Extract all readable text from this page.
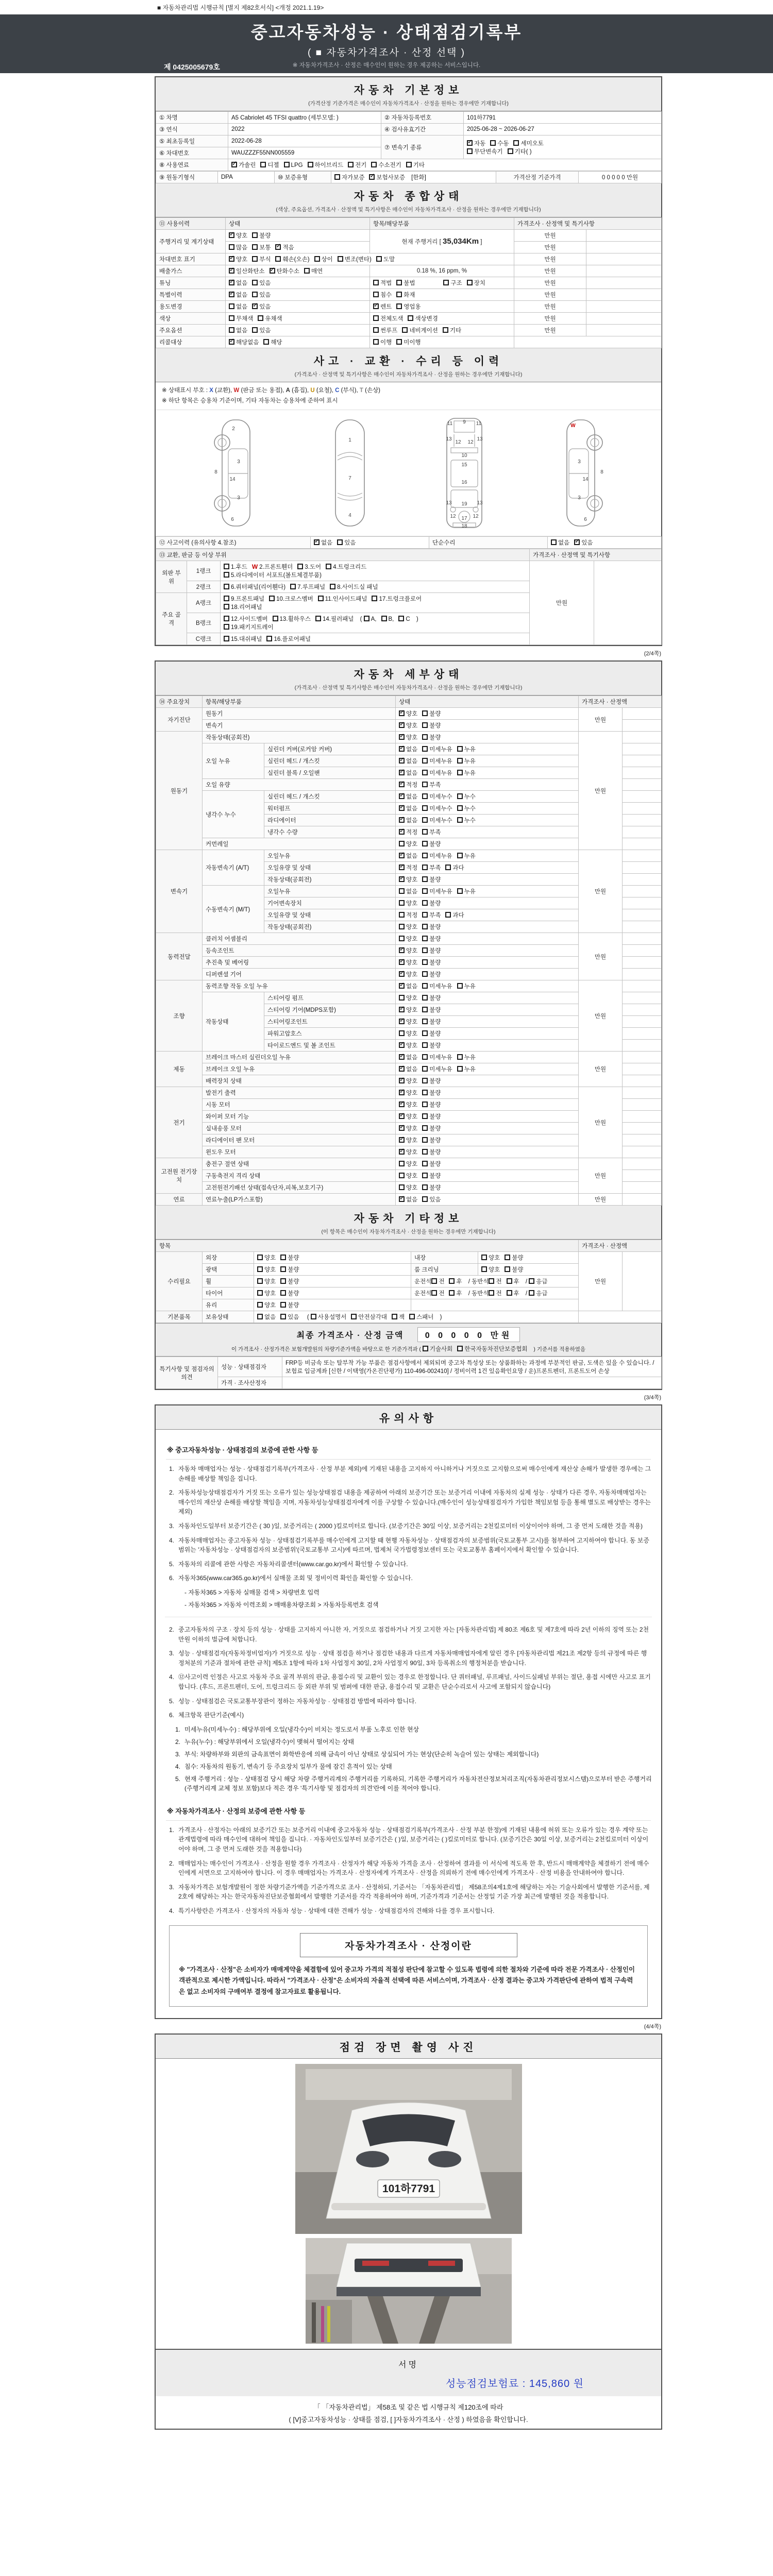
■ 자동차관리법 시행규칙 [별지 제82호서식] <개정 2021.1.19>
중고자동차성능 · 상태점검기록부
( ■ 자동차가격조사 · 산정 선택 )
※ 자동차가격조사 · 산정은 매수인이 원하는 경우 제공하는 서비스입니다.
제 0425005679호
자동차 기본정보
(가격산정 기준가격은 매수인이 자동차가격조사 · 산정을 원하는 경우에만 기재합니다)
① 차명	A5 Cabriolet 45 TFSI quattro (세부모델: )	② 자동차등록번호	101하7791
③ 연식	2022	④ 검사유효기간	2025-06-28 ~ 2026-06-27
⑤ 최초등록일	2022-06-28	⑦ 변속기 종류	✓자동 수동 세미오토
무단변속기 기타( )
⑥ 차대번호	WAUZZZF55NN005559		
⑧ 사용연료	✓가솔린 디젤 LPG 하이브리드 전기 수소전기 기타
⑨ 원동기형식	DPA	⑩ 보증유형	자가보증 ✓ 보험사보증 [한화]	가격산정 기준가격	0 0 0 0 0 만원
자동차 종합상태
(색상, 주요옵션, 가격조사 · 산정액 및 특기사항은 매수인이 자동차가격조사 · 산정을 원하는 경우에만 기재합니다)
⑪ 사용이력	상태	항목/해당부품	가격조사 · 산정액 및 특기사항	
주행거리 및 계기상태	✓양호 불량	현재 주행거리 [ 35,034Km ]	만원	
	많음 보통 ✓ 적음		만원	
차대번호 표기	✓양호 부식 훼손(오손) 상이 변조(변타) 도말		만원	
배출가스	✓일산화탄소 ✓ 탄화수소 매연	0.18 %, 16 ppm, %	만원	
튜닝	✓없음 있음	적법 불법 구조 장치	만원	
특별이력	✓없음 있음	침수 화재	만원	
용도변경	없음 ✓ 있음	✓렌트 영업용	만원	
색상	무채색 유채색	전체도색 색상변경	만원	
주요옵션	없음 있음	썬루프 네비게이션 기타	만원	
리콜대상	✓해당없음 해당	이행 미이행		
사고 · 교환 · 수리 등 이력
(가격조사 · 산정액 및 특기사항은 매수인이 자동차가격조사 · 산정을 원하는 경우에만 기재합니다)
※ 상태표시 부호 : X (교환), W (판금 또는 용접), A (흠집), U (요철), C (부식), T (손상)
※ 하단 항목은 승용차 기준이며, 기타 자동차는 승용차에 준하여 표시
2
8
3
14
3
6
1
7
4
11 9 11
13
12 12
13
10
15
16
13 19 13
12 17 12
18
W
3
8
14
3
6
⑫ 사고이력 (유의사항 4.참조)	✓없음 있음	단순수리	없음 ✓ 있음
⑬ 교환, 판금 등 이상 부위			가격조사 · 산정액 및 특기사항	
외판 부위	1랭크	1.후드 W 2.프론트휀더 3.도어 4.트렁크리드
5.라디에이터 서포트(볼트체결부품)	만원	
	2랭크	6.쿼터패널(리어휀다) 7.루프패널 8.사이드실 패널		
주요 골격	A랭크	9.프론트패널 10.크로스멤버 11.인사이드패널 17.트렁크플로어
18.리어패널		
	B랭크	12.사이드멤버 13.휠하우스 14.필러패널 ( A, B, C )
19.패키지트레이		
	C랭크	15.대쉬패널 16.플로어패널		
(2/4쪽)
자동차 세부상태
(가격조사 · 산정액 및 특기사항은 매수인이 자동차가격조사 · 산정을 원하는 경우에만 기재합니다)
⑭ 주요장치	항목/해당부품		상태	가격조사 · 산정액	
자기진단	원동기	✓양호 불량	만원	
	변속기	✓양호 불량	
원동기	작동상태(공회전)	✓양호 불량	만원	
	오일 누유	실린더 커버(로커암 커버)	✓없음 미세누유 누유	
		실린더 헤드 / 개스킷	✓없음 미세누유 누유	
		실린더 블록 / 오일팬	✓없음 미세누유 누유	
	오일 유량	✓적정 부족	
	냉각수 누수	실린더 헤드 / 개스킷	✓없음 미세누수 누수	
		워터펌프	✓없음 미세누수 누수	
		라디에이터	✓없음 미세누수 누수	
		냉각수 수량	✓적정 부족	
	커먼레일		양호 불량		
변속기	자동변속기 (A/T)	오일누유	✓없음 미세누유 누유	만원	
		오일유량 및 상태	✓적정 부족 과다	
		작동상태(공회전)	✓양호 불량	
	수동변속기 (M/T)	오일누유	없음 미세누유 누유		
		기어변속장치	양호 불량		
		오일유량 및 상태	적정 부족 과다		
		작동상태(공회전)	양호 불량		
동력전달	클러치 어셈블리		양호 불량	만원	
	등속조인트	✓양호 불량	
	추진축 및 베어링	✓양호 불량	
	디퍼렌셜 기어	✓양호 불량	
조향	동력조향 작동 오일 누유	✓없음 미세누유 누유	만원	
	작동상태	스티어링 펌프	양호 불량		
		스티어링 기어(MDPS포함)	✓양호 불량	
		스티어링조인트	✓양호 불량	
		파워고압호스	양호 불량		
		타이로드엔드 및 볼 조인트	✓양호 불량	
제동	브레이크 마스터 실린더오일 누유	✓없음 미세누유 누유	만원	
	브레이크 오일 누유	✓없음 미세누유 누유	
	배력장치 상태	✓양호 불량	
전기	발전기 출력	✓양호 불량	만원	
	시동 모터	✓양호 불량	
	와이퍼 모터 기능	✓양호 불량	
	실내송풍 모터	✓양호 불량	
	라디에이터 팬 모터	✓양호 불량	
	윈도우 모터	✓양호 불량	
고전원 전기장치	충전구 절연 상태		양호 불량	만원	
	구동축전지 격리 상태		양호 불량		
	고전원전기배선 상태(접속단자,피복,보호기구)		양호 불량		
연료	연료누출(LP가스포함)	✓없음 있음	만원	
자동차 기타정보
(이 항목은 매수인이 자동차가격조사 · 산정을 원하는 경우에만 기재합니다)
항목					가격조사 · 산정액	
수리필요	외장	양호 불량	내장	양호 불량	만원	
	광택	양호 불량	룸 크리닝	양호 불량		
	휠	양호 불량	운전석 전 후 / 동반석 전 후 / 응급			
	타이어	양호 불량	운전석 전 후 / 동반석 전 후 / 응급			
	유리	양호 불량				
기본품목	보유상태	없음 있음  ( 사용설명서 안전삼각대 잭 스패너 )				
최종 가격조사 · 산정 금액	0 0 0 0 0 만원
이 가격조사 · 산정가격은 보험개발원의 차량기준가액을 바탕으로 한 기준가격과 ( 기술사회 한국자동차진단보증협회 ) 기준서를 적용하였음
특기사항 및 점검자의 의견	성능 · 상태점검자	FRP등 비금속 또는 탈부착 가능 부품은 점검사항에서 제외되며 중고차 특성상 또는 상품화하는 과정에 부분적인 판금, 도색은 있을 수 있습니다. / 보험료 입금계좌 [신한 / 이택영(가온진단평가) 110-496-002410] / 정비이력 1건 있음확인요망 / 운)프론트펜더, 프론트도어 손상
	가격 · 조사산정자	
(3/4쪽)
유의사항
※ 중고자동차성능 · 상태점검의 보증에 관한 사항 등
1. 자동차 매매업자는 성능 · 상태점검기록부(가격조사 · 산정 부분 제외)에 기재된 내용을 고지하지 아니하거나 거짓으로 고지함으로써 매수인에게 재산상 손해가 발생한 경우에는 그 손해를 배상할 책임을 집니다.
2. 자동차성능상태점검자가 거짓 또는 오류가 있는 성능상태점검 내용을 제공하여 아래의 보증기간 또는 보증거리 이내에 자동차의 실제 성능 · 상태가 다른 경우, 자동차매매업자는 매수인의 재산상 손해를 배상할 책임을 지며, 자동차성능상태점검자에게 이를 구상할 수 있습니다.(매수인이 성능상태점검자가 가입한 책임보험 등을 통해 별도로 배상받는 경우는 제외)
3. 자동차인도일부터 보증기간은 ( 30 )일, 보증거리는 ( 2000 )킬로미터로 합니다. (보증기간은 30일 이상, 보증거리는 2천킬로미터 이상이어야 하며, 그 중 먼저 도래한 것을 적용)
4. 자동차매매업자는 중고자동차 성능 · 상태점검기록부를 매수인에게 고지할 때 현행 자동차성능 · 상태점검자의 보증범위(국토교통부 고시)를 첨부하여 고지하여야 합니다. 동 보증범위는 '자동차성능 · 상태점검자의 보증범위'(국토교통부 고시)에 따르며, 법제처 국가법령정보센터 또는 국토교통부 홈페이지에서 확인할 수 있습니다.
5. 자동차의 리콜에 관한 사항은 자동차리콜센터(www.car.go.kr)에서 확인할 수 있습니다.
6. 자동차365(www.car365.go.kr)에서 실매물 조회 및 정비이력 확인을 확인할 수 있습니다.
- 자동차365 > 자동차 실매물 검색 > 차량번호 입력
- 자동차365 > 자동차 이력조회 > 매매용차량조회 > 자동차등록번호 검색
2. 중고자동차의 구조 · 장치 등의 성능 · 상태를 고지하지 아니한 자, 거짓으로 점검하거나 거짓 고지한 자는 [자동차관리법] 제 80조 제6호 및 제7호에 따라 2년 이하의 징역 또는 2천만원 이하의 벌금에 처합니다.
3. 성능 · 상태점검자(자동차정비업자)가 거짓으로 성능 · 상태 점검을 하거나 점검한 내용과 다르게 자동차매매업자에게 알린 경우 [자동차관리법 제21조 제2항 등의 규정에 따른 행정처분의 기준과 절차에 관한 규칙] 제5조 1항에 따라 1차 사업정지 30일, 2차 사업정지 90일, 3차 등록취소의 행정처분을 받습니다.
4. ⑫사고이력 인정은 사고로 자동차 주요 골격 부위의 판금, 용접수리 및 교환이 있는 경우로 한정합니다. 단 쿼터패널, 루프패널, 사이드실패널 부위는 절단, 용접 시에만 사고로 표기합니다. (후드, 프론트펜더, 도어, 트렁크리드 등 외판 부위 및 범퍼에 대한 판금, 용접수리 및 교환은 단순수리로서 사고에 포함되지 않습니다)
5. 성능 · 상태점검은 국토교통부장관이 정하는 자동차성능 · 상태점검 방법에 따라야 합니다.
6. 체크항목 판단기준(예시)
1. 미세누유(미세누수) : 해당부위에 오일(냉각수)이 비치는 정도로서 부품 노후로 인한 현상
2. 누유(누수) : 해당부위에서 오일(냉각수)이 맺혀서 떨어지는 상태
3. 부식: 차량하부와 외판의 금속표면이 화학반응에 의해 금속이 아닌 상태로 상실되어 가는 현상(단순히 녹슬어 있는 상태는 제외합니다)
4. 침수: 자동차의 원동기, 변속기 등 주요장치 일부가 물에 잠긴 흔적이 있는 상태
5. 현재 주행거리 : 성능 · 상태점검 당시 해당 차량 주행거리계의 주행거리를 기록하되, 기록한 주행거리가 자동차전산정보처리조직(자동차관리정보시스템)으로부터 받은 주행거리(주행거리계 교체 정보 포함)보다 적은 경우 '특기사항 및 점검자의 의견'란에 이를 적어야 합니다.
※ 자동차가격조사 · 산정의 보증에 관한 사항 등
1. 가격조사 · 산정자는 아래의 보증기간 또는 보증거리 이내에 중고자동차 성능 · 상태점검기록부(가격조사 · 산정 부분 한정)에 기재된 내용에 허위 또는 오류가 있는 경우 계약 또는 관계법령에 따라 매수인에 대하여 책임을 집니다. · 자동차인도일부터 보증기간은 ( )일, 보증거리는 ( )킬로미터로 합니다. (보증기간은 30일 이상, 보증거리는 2천킬로미터 이상이어야 하며, 그 중 먼저 도래한 것을 적용합니다)
2. 매매업자는 매수인이 가격조사 · 산정을 원할 경우 가격조사 · 산정자가 해당 자동차 가격을 조사 · 산정하여 결과를 이 서식에 적도록 한 후, 반드시 매매계약을 체결하기 전에 매수인에게 서면으로 고지하여야 합니다. 이 경우 매매업자는 가격조사 · 산정자에게 가격조사 · 산정을 의뢰하기 전에 매수인에게 가격조사 · 산정 비용을 안내하여야 합니다.
3. 자동차가격은 보험개발원이 정한 차량기준가액을 기준가격으로 조사 · 산정하되, 기준서는 「자동차관리법」 제58조의4제1호에 해당하는 자는 기술사회에서 발행한 기준서를, 제2호에 해당하는 자는 한국자동차진단보증협회에서 발행한 기준서를 각각 적용하여야 하며, 기준가격과 기준서는 산정일 기준 가장 최근에 발행된 것을 적용합니다.
4. 특기사항란은 가격조사 · 산정자의 자동차 성능 · 상태에 대한 견해가 성능 · 상태점검자의 견해와 다를 경우 표시합니다.
자동차가격조사 · 산정이란
※ "가격조사 · 산정"은 소비자가 매매계약을 체결함에 있어 중고차 가격의 적절성 판단에 참고할 수 있도록 법령에 의한 절차와 기준에 따라 전문 가격조사 · 산정인이 객관적으로 제시한 가액입니다. 따라서 "가격조사 · 산정"은 소비자의 자율적 선택에 따른 서비스이며, 가격조사 · 산정 결과는 중고차 가격판단에 관하여 법적 구속력은 없고 소비자의 구매여부 결정에 참고자료로 활용됩니다.
(4/4쪽)
점검 장면 촬영 사진
101하7791
서명
성능점검보험료 : 145,860 원
「 「자동차관리법」 제58조 및 같은 법 시행규칙 제120조에 따라
( [V]중고자동차성능 · 상태를 점검, [ ]자동차가격조사 · 산정 ) 하였음을 확인합니다.
